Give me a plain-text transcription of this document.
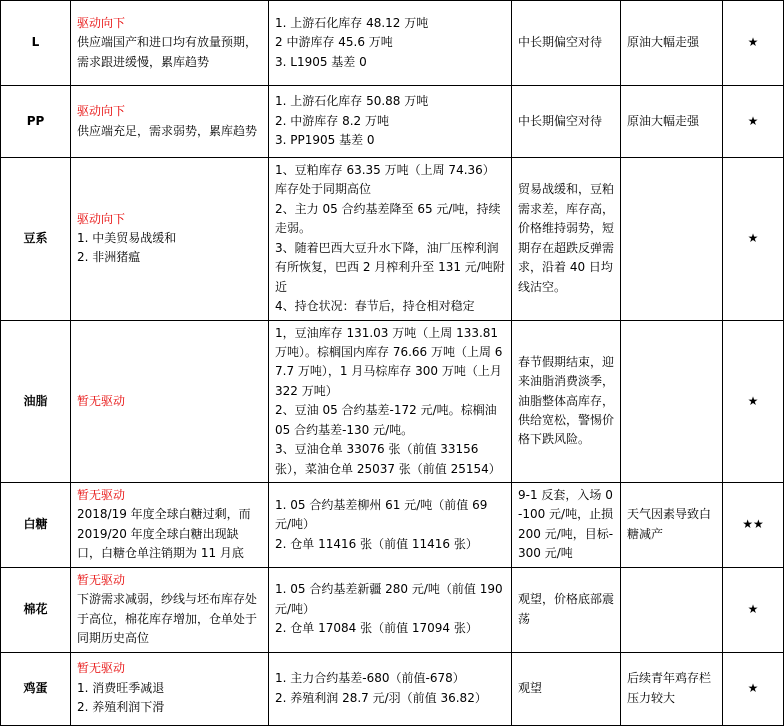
L	驱动向下
供应端国产和进口均有放量预期，需求跟进缓慢，累库趋势	1. 上游石化库存 48.12 万吨
2 中游库存 45.6 万吨
3. L1905 基差 0	中长期偏空对待	原油大幅走强	★
PP	驱动向下
供应端充足，需求弱势，累库趋势	1. 上游石化库存 50.88 万吨
2. 中游库存 8.2 万吨
3. PP1905 基差 0	中长期偏空对待	原油大幅走强	★
豆系	驱动向下
1. 中美贸易战缓和
2. 非洲猪瘟	1、豆粕库存 63.35 万吨（上周 74.36）库存处于同期高位
2、主力 05 合约基差降至 65 元/吨，持续走弱。
3、随着巴西大豆升水下降，油厂压榨利润有所恢复，巴西 2 月榨利升至 131 元/吨附近
4、持仓状况：春节后，持仓相对稳定	贸易战缓和，豆粕需求差，库存高，价格维持弱势，短期存在超跌反弹需求，沿着 40 日均线沽空。		★
油脂	暂无驱动	1，豆油库存 131.03 万吨（上周 133.81 万吨）。棕榈国内库存 76.66 万吨（上周 67.7 万吨），1 月马棕库存 300 万吨（上月 322 万吨）
2、豆油 05 合约基差-172 元/吨。棕榈油 05 合约基差-130 元/吨。
3、豆油仓单 33076 张（前值 33156 张），菜油仓单 25037 张（前值 25154）	春节假期结束，迎来油脂消费淡季，油脂整体高库存，供给宽松，警惕价格下跌风险。		★
白糖	暂无驱动
2018/19 年度全球白糖过剩，而 2019/20 年度全球白糖出现缺口，白糖仓单注销期为 11 月底	1. 05 合约基差柳州 61 元/吨（前值 69 元/吨）
2. 仓单 11416 张（前值 11416 张）	9-1 反套，入场 0-100 元/吨，止损 200 元/吨，目标-300 元/吨	天气因素导致白糖减产	★★
棉花	暂无驱动
下游需求减弱，纱线与坯布库存处于高位，棉花库存增加，仓单处于同期历史高位	1. 05 合约基差新疆 280 元/吨（前值 190 元/吨）
2. 仓单 17084 张（前值 17094 张）	观望，价格底部震荡		★
鸡蛋	暂无驱动
1. 消费旺季减退
2. 养殖利润下滑	1. 主力合约基差-680（前值-678）
2. 养殖利润 28.7 元/羽（前值 36.82）	观望	后续青年鸡存栏压力较大	★
